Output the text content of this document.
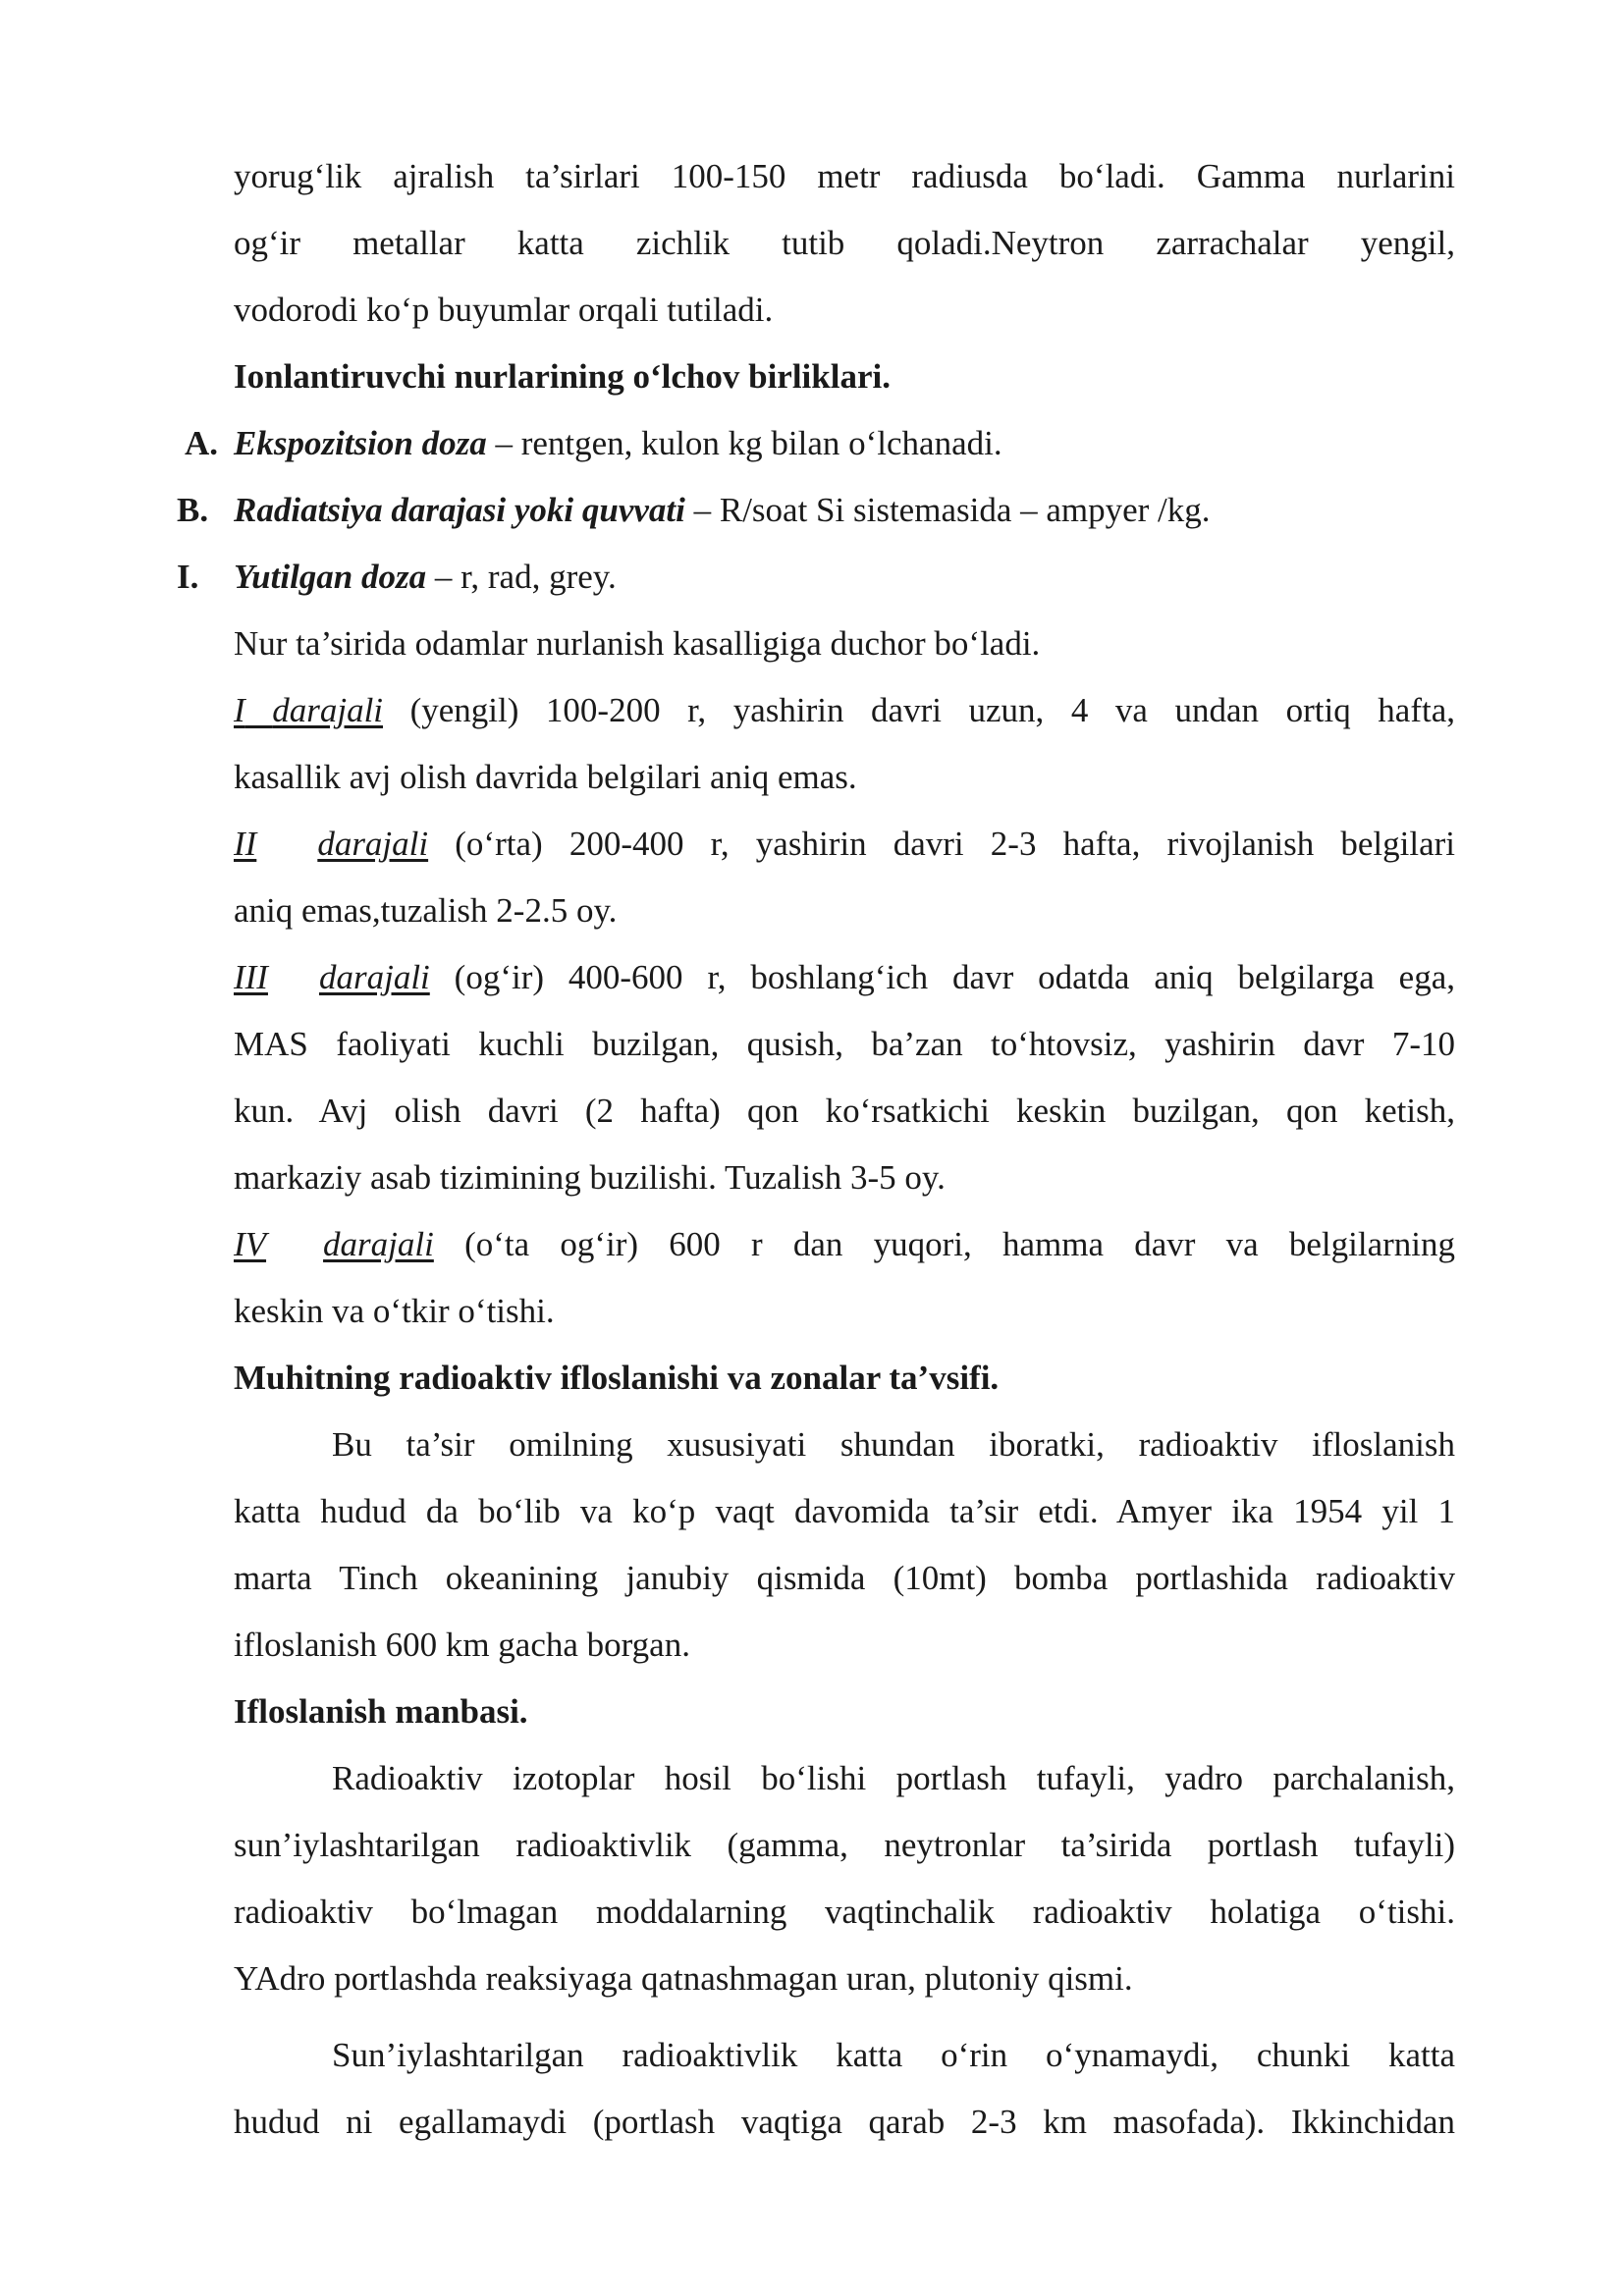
yorug‘lik ajralish ta’sirlari 100-150 metr radiusda bo‘ladi. Gamma nurlarini
og‘ir metallar katta zichlik tutib qoladi.Neytron zarrachalar yengil,
vodorodi ko‘p buyumlar orqali tutiladi.
Ionlantiruvchi nurlarining o‘lchov birliklari.
A. Ekspozitsion doza – rentgen, kulon kg bilan o‘lchanadi.
B. Radiatsiya darajasi yoki quvvati – R/soat Si sistemasida – ampyer /kg.
I. Yutilgan doza – r, rad, grey.
Nur ta’sirida odamlar nurlanish kasalligiga duchor bo‘ladi.
I darajali (yengil) 100-200 r, yashirin davri uzun, 4 va undan ortiq hafta,
kasallik avj olish davrida belgilari aniq emas.
II darajali (o‘rta) 200-400 r, yashirin davri 2-3 hafta, rivojlanish belgilari
aniq emas,tuzalish 2-2.5 oy.
III darajali (og‘ir) 400-600 r, boshlang‘ich davr odatda aniq belgilarga ega,
MAS faoliyati kuchli buzilgan, qusish, ba’zan to‘htovsiz, yashirin davr 7-10
kun. Avj olish davri (2 hafta) qon ko‘rsatkichi keskin buzilgan, qon ketish,
markaziy asab tizimining buzilishi. Tuzalish 3-5 oy.
IV darajali (o‘ta og‘ir) 600 r dan yuqori, hamma davr va belgilarning
keskin va o‘tkir o‘tishi.
Muhitning radioaktiv ifloslanishi va zonalar ta’vsifi.
Bu ta’sir omilning xususiyati shundan iboratki, radioaktiv ifloslanish
katta hudud da bo‘lib va ko‘p vaqt davomida ta’sir etdi. Amyer ika 1954 yil 1
marta Tinch okeanining janubiy qismida (10mt) bomba portlashida radioaktiv
ifloslanish 600 km gacha borgan.
Ifloslanish manbasi.
Radioaktiv izotoplar hosil bo‘lishi portlash tufayli, yadro parchalanish,
sun’iylashtarilgan radioaktivlik (gamma, neytronlar ta’sirida portlash tufayli)
radioaktiv bo‘lmagan moddalarning vaqtinchalik radioaktiv holatiga o‘tishi.
YAdro portlashda reaksiyaga qatnashmagan uran, plutoniy qismi.
Sun’iylashtarilgan radioaktivlik katta o‘rin o‘ynamaydi, chunki katta
hudud ni egallamaydi (portlash vaqtiga qarab 2-3 km masofada). Ikkinchidan
